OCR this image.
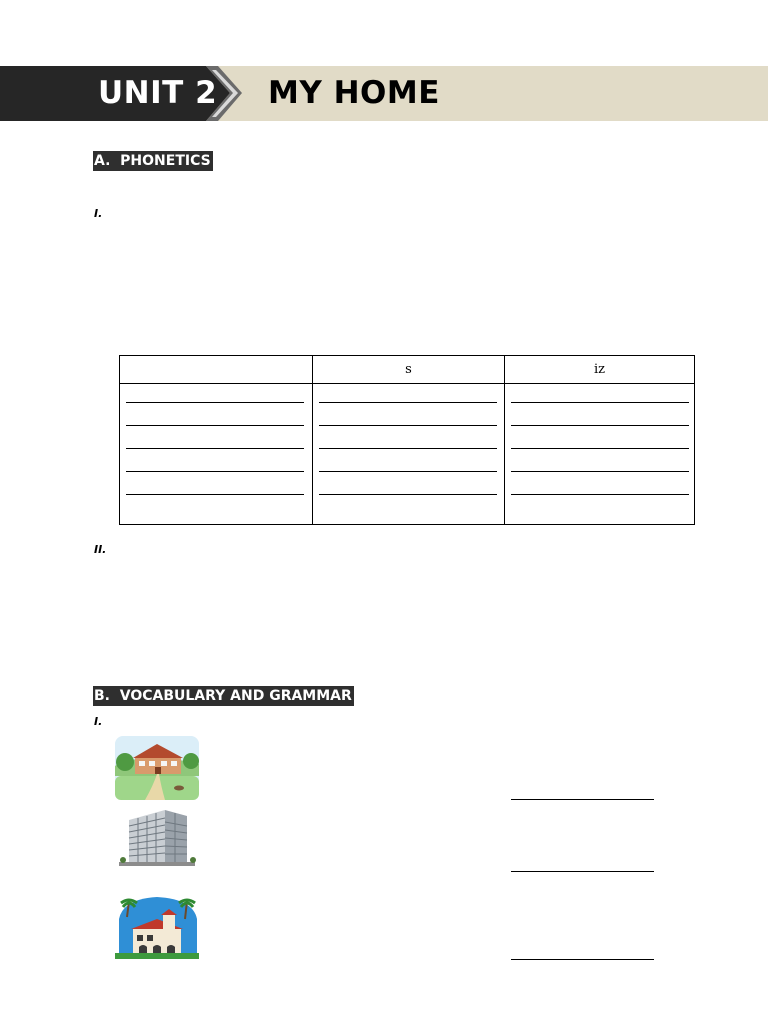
UNIT 2 MY HOME
A.  PHONETICS
I.
s	iz
II.
B.  VOCABULARY AND GRAMMAR
I.
